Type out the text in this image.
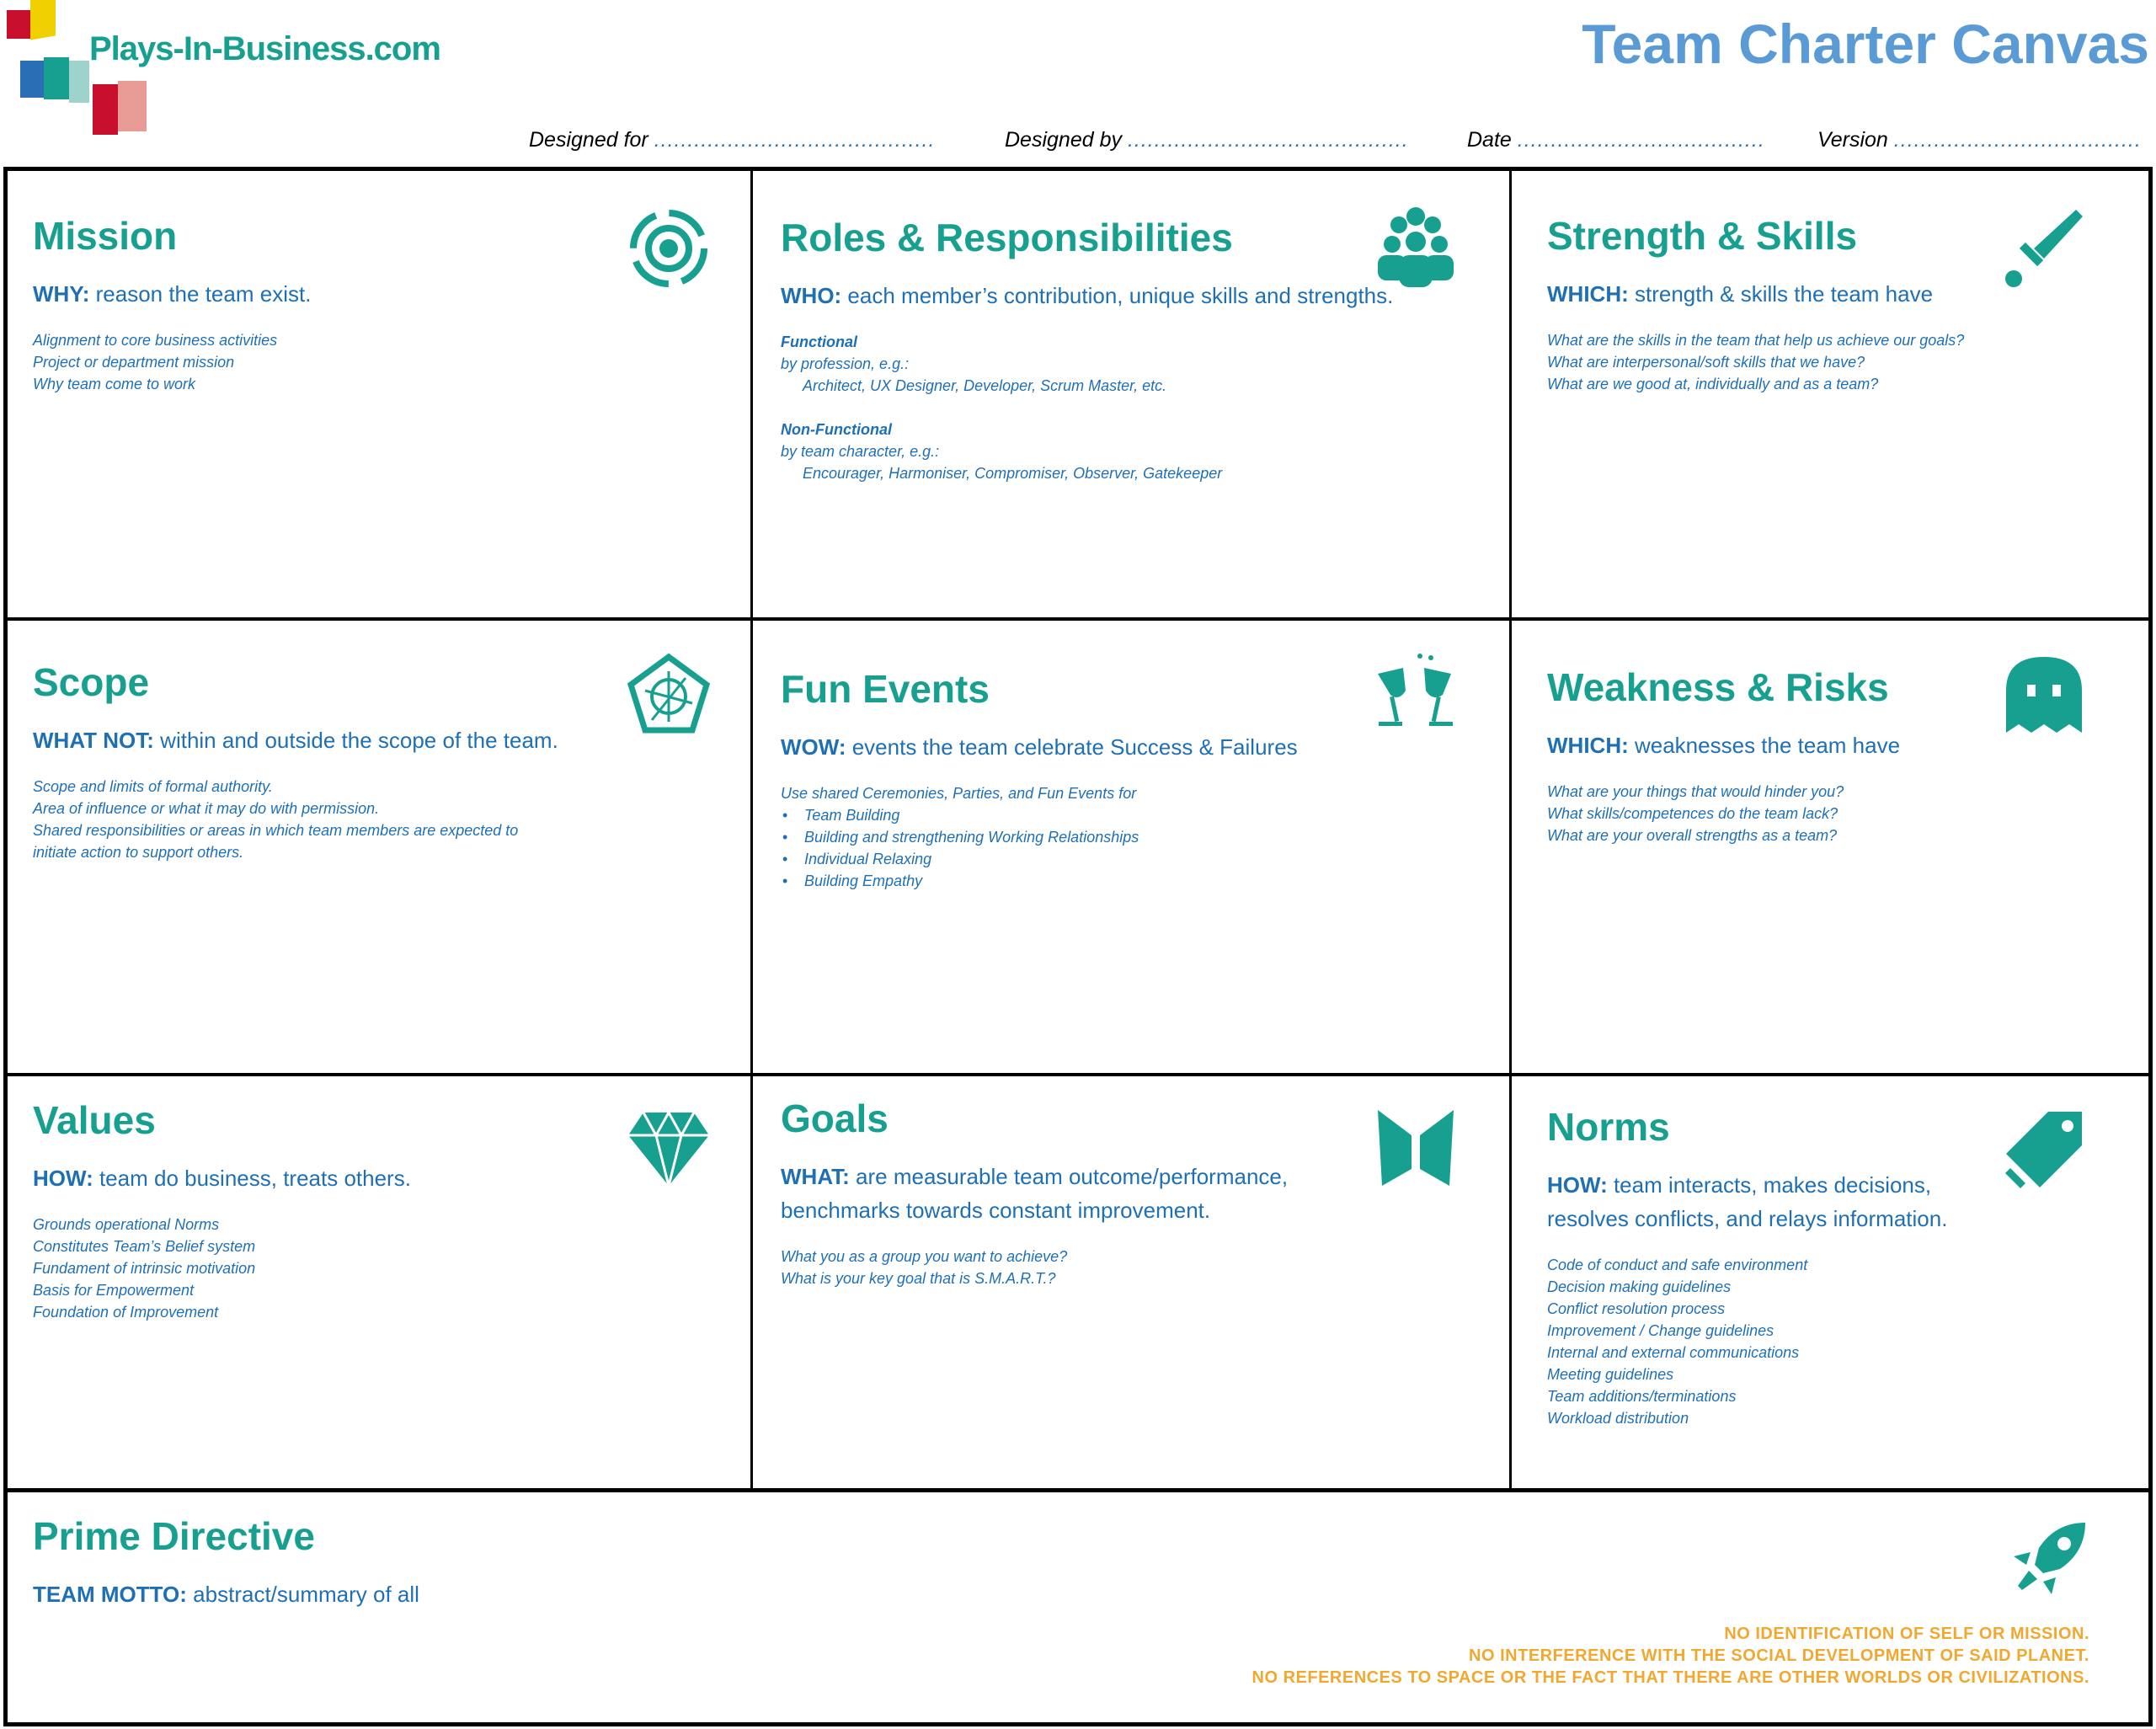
Plays-In-Business.com	Team Charter Canvas
Designed for ..........................................	Designed by ..........................................	Date ..................................... Version .....................................
Mission
WHY: reason the team exist.
Alignment to core business activities
Project or department mission
Why team come to work
Roles & Responsibilities
WHO: each member’s contribution, unique skills and strengths.
Functional
by profession, e.g.:
Architect, UX Designer, Developer, Scrum Master, etc.

Non-Functional
by team character, e.g.:
Encourager, Harmoniser, Compromiser, Observer, Gatekeeper
Strength & Skills
WHICH: strength & skills the team have
What are the skills in the team that help us achieve our goals?
What are interpersonal/soft skills that we have?
What are we good at, individually and as a team?
Scope
WHAT NOT: within and outside the scope of the team.
Scope and limits of formal authority.
Area of influence or what it may do with permission.
Shared responsibilities or areas in which team members are expected to
initiate action to support others.
Fun Events
WOW: events the team celebrate Success & Failures
Use shared Ceremonies, Parties, and Fun Events for
• Team Building
• Building and strengthening Working Relationships
• Individual Relaxing
• Building Empathy
Weakness & Risks
WHICH: weaknesses the team have
What are your things that would hinder you?
What skills/competences do the team lack?
What are your overall strengths as a team?
Values
HOW: team do business, treats others.
Grounds operational Norms
Constitutes Team’s Belief system
Fundament of intrinsic motivation
Basis for Empowerment
Foundation of Improvement
Goals
WHAT: are measurable team outcome/performance, benchmarks towards constant improvement.
What you as a group you want to achieve?
What is your key goal that is S.M.A.R.T.?
Norms
HOW: team interacts, makes decisions, resolves conflicts, and relays information.
Code of conduct and safe environment
Decision making guidelines
Conflict resolution process
Improvement / Change guidelines
Internal and external communications
Meeting guidelines
Team additions/terminations
Workload distribution
Prime Directive
TEAM MOTTO: abstract/summary of all
NO IDENTIFICATION OF SELF OR MISSION.
NO INTERFERENCE WITH THE SOCIAL DEVELOPMENT OF SAID PLANET.
NO REFERENCES TO SPACE OR THE FACT THAT THERE ARE OTHER WORLDS OR CIVILIZATIONS.
